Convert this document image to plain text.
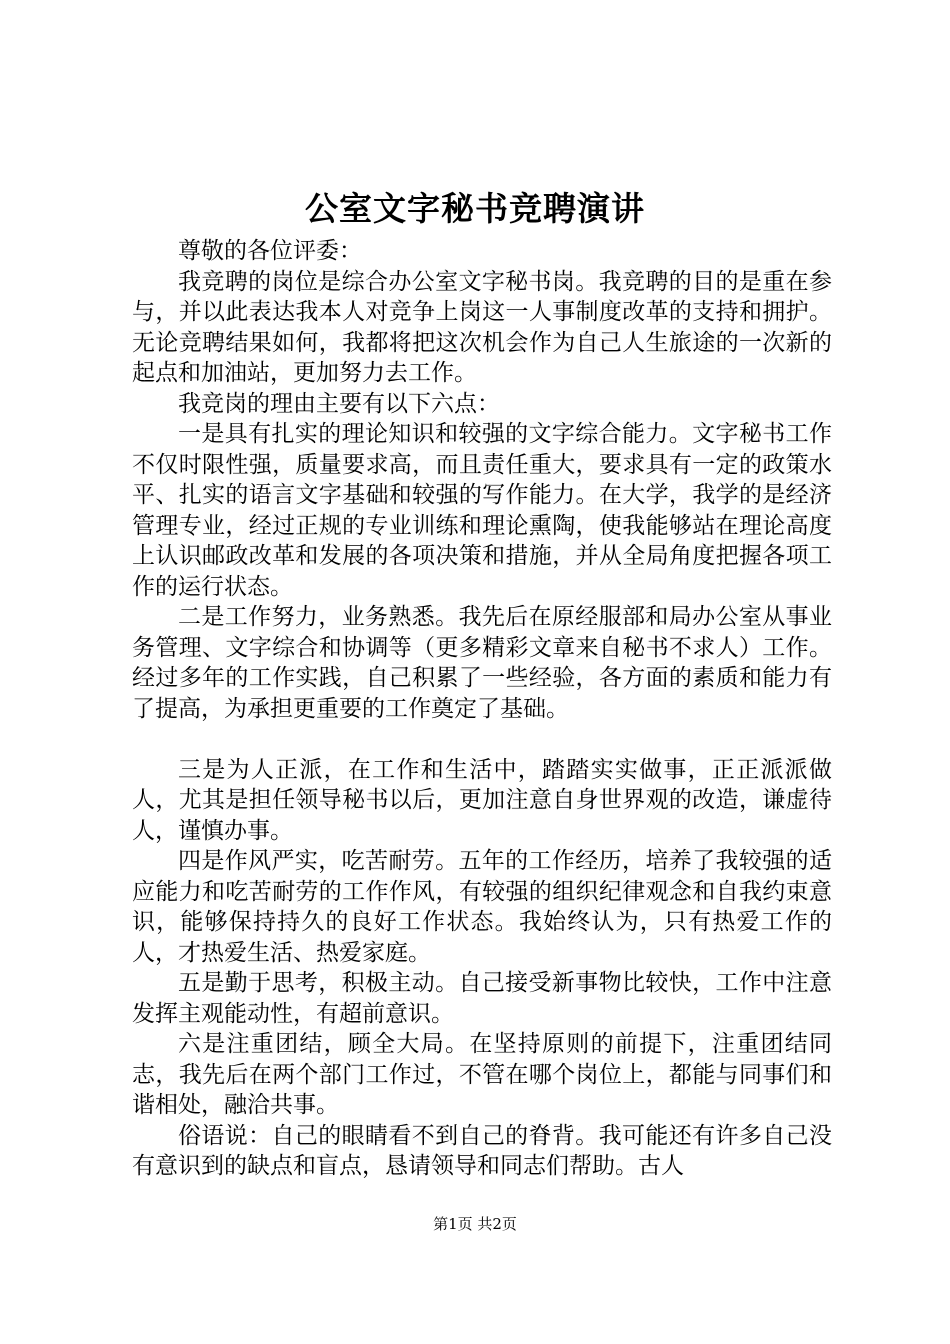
公室文字秘书竞聘演讲

尊敬的各位评委：

我竞聘的岗位是综合办公室文字秘书岗。我竞聘的目的是重在参与，并以此表达我本人对竞争上岗这一人事制度改革的支持和拥护。无论竞聘结果如何，我都将把这次机会作为自己人生旅途的一次新的起点和加油站，更加努力去工作。

我竞岗的理由主要有以下六点：

一是具有扎实的理论知识和较强的文字综合能力。文字秘书工作不仅时限性强，质量要求高，而且责任重大，要求具有一定的政策水平、扎实的语言文字基础和较强的写作能力。在大学，我学的是经济管理专业，经过正规的专业训练和理论熏陶，使我能够站在理论高度上认识邮政改革和发展的各项决策和措施，并从全局角度把握各项工作的运行状态。

二是工作努力，业务熟悉。我先后在原经服部和局办公室从事业务管理、文字综合和协调等（更多精彩文章来自秘书不求人）工作。经过多年的工作实践，自己积累了一些经验，各方面的素质和能力有了提高，为承担更重要的工作奠定了基础。

三是为人正派，在工作和生活中，踏踏实实做事，正正派派做人，尤其是担任领导秘书以后，更加注意自身世界观的改造，谦虚待人，谨慎办事。

四是作风严实，吃苦耐劳。五年的工作经历，培养了我较强的适应能力和吃苦耐劳的工作作风，有较强的组织纪律观念和自我约束意识，能够保持持久的良好工作状态。我始终认为，只有热爱工作的人，才热爱生活、热爱家庭。

五是勤于思考，积极主动。自己接受新事物比较快，工作中注意发挥主观能动性，有超前意识。

六是注重团结，顾全大局。在坚持原则的前提下，注重团结同志，我先后在两个部门工作过，不管在哪个岗位上，都能与同事们和谐相处，融洽共事。

俗语说：自己的眼睛看不到自己的脊背。我可能还有许多自己没有意识到的缺点和盲点，恳请领导和同志们帮助。古人

第1页 共2页
